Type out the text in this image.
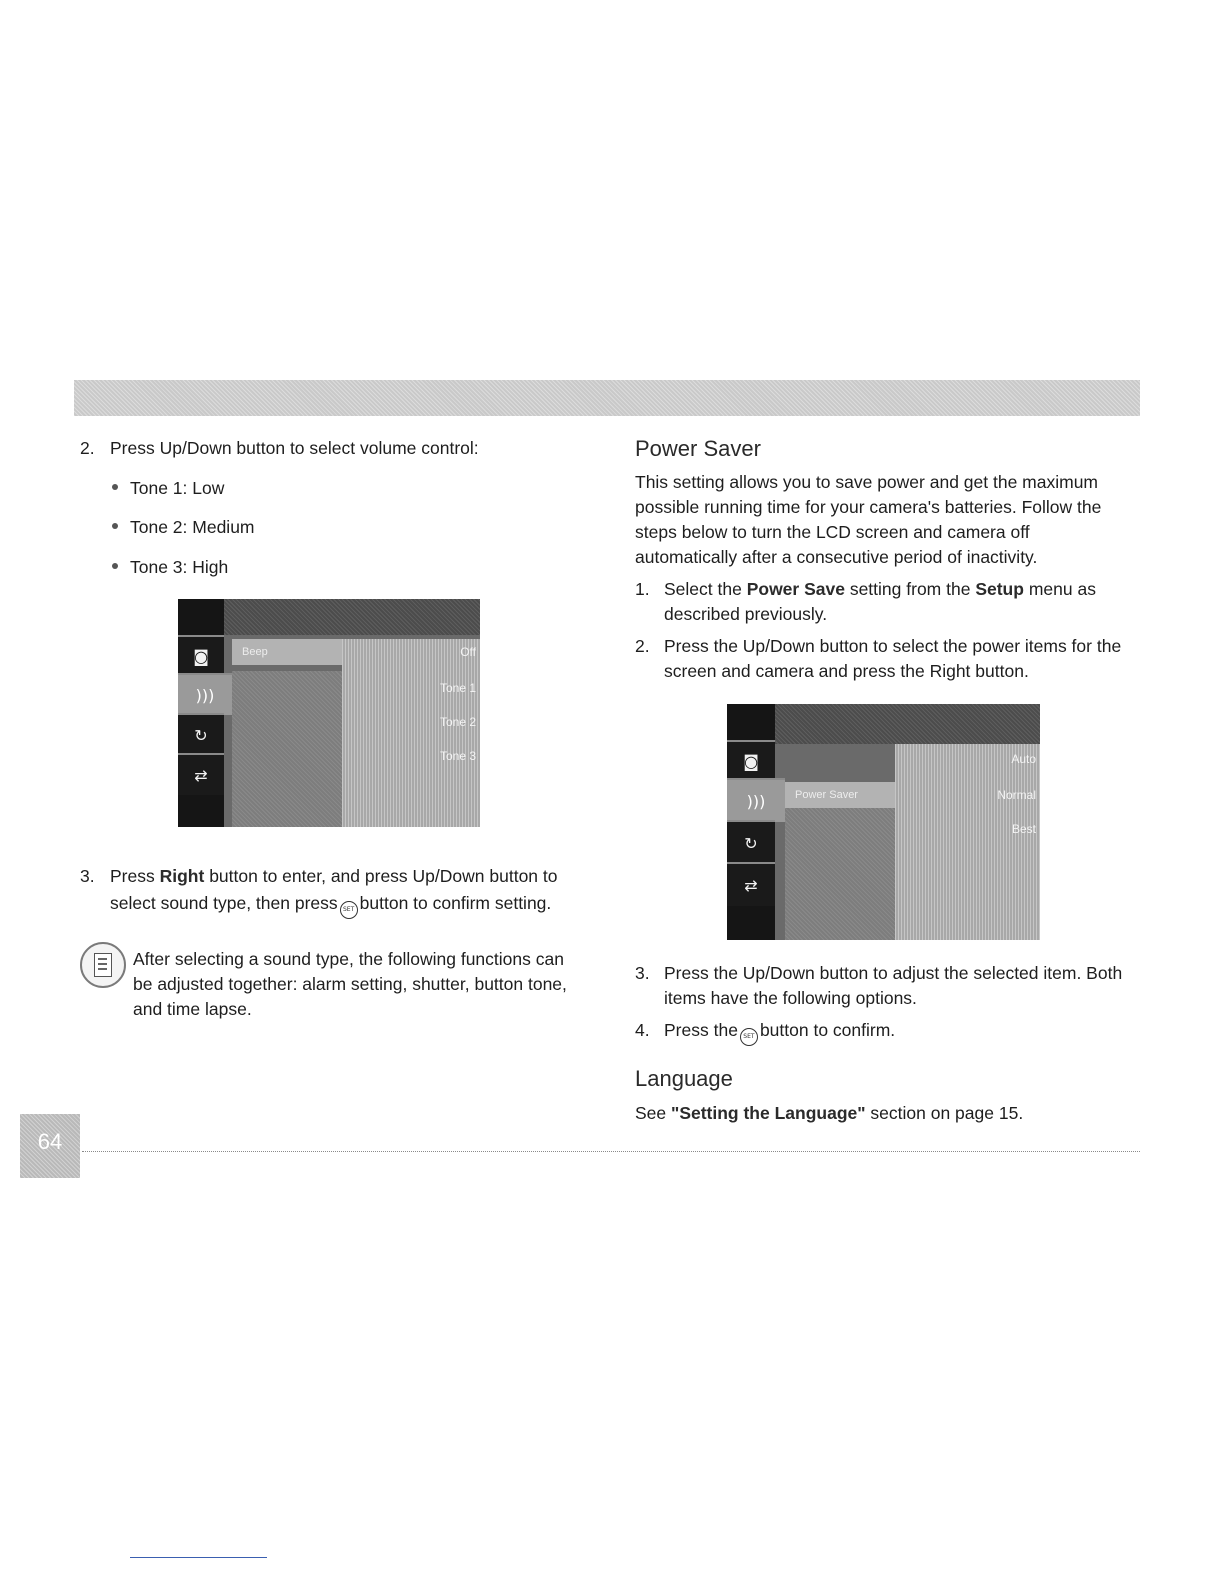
2. Press Up/Down button to select volume control:
Tone 1: Low
Tone 2: Medium
Tone 3: High
◙
)))
↻
⇄
Beep	Off
Tone 1
Tone 2
Tone 3
3. Press Right button to enter, and press Up/Down button to
select sound type, then press SET button to confirm setting.
After selecting a sound type, the following functions can be adjusted together: alarm setting, shutter, button tone, and time lapse.
Power Saver
This setting allows you to save power and get the maximum possible running time for your camera's batteries. Follow the steps below to turn the LCD screen and camera off automatically after a consecutive period of inactivity.
1. Select the Power Save setting from the Setup menu as described previously.
2. Press the Up/Down button to select the power items for the screen and camera and press the Right button.
◙
)))
↻
⇄
Power Saver
Auto
Normal
Best
3. Press the Up/Down button to adjust the selected item. Both items have the following options.
4. Press the SET button to confirm.
Language
See "Setting the Language" section on page 15.
64
